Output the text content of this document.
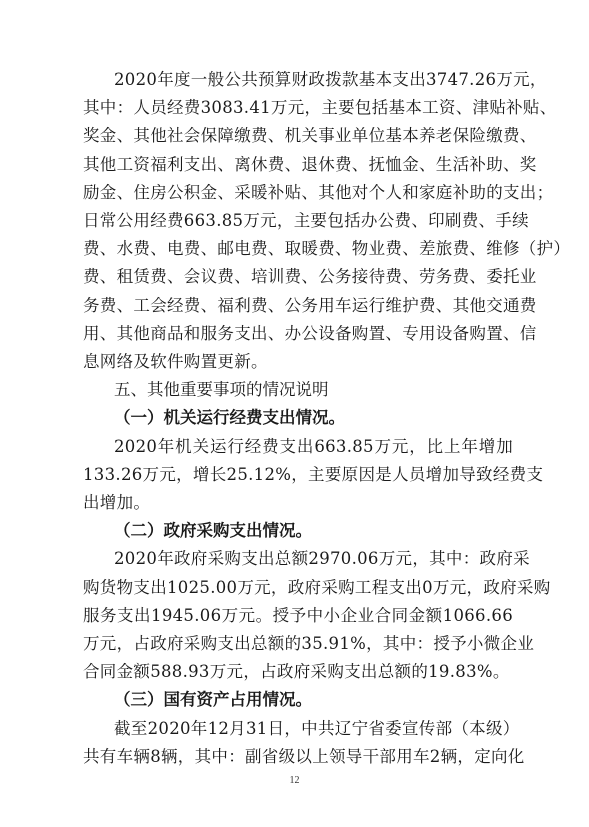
2020年度一般公共预算财政拨款基本支出3747.26万元，
其中：人员经费3083.41万元，主要包括基本工资、津贴补贴、
奖金、其他社会保障缴费、机关事业单位基本养老保险缴费、
其他工资福利支出、离休费、退休费、抚恤金、生活补助、奖
励金、住房公积金、采暖补贴、其他对个人和家庭补助的支出；
日常公用经费663.85万元，主要包括办公费、印刷费、手续
费、水费、电费、邮电费、取暖费、物业费、差旅费、维修（护）
费、租赁费、会议费、培训费、公务接待费、劳务费、委托业
务费、工会经费、福利费、公务用车运行维护费、其他交通费
用、其他商品和服务支出、办公设备购置、专用设备购置、信
息网络及软件购置更新。
五、其他重要事项的情况说明
（一）机关运行经费支出情况。
2020年机关运行经费支出663.85万元，比上年增加
133.26万元，增长25.12%，主要原因是人员增加导致经费支
出增加。
（二）政府采购支出情况。
2020年政府采购支出总额2970.06万元，其中：政府采
购货物支出1025.00万元，政府采购工程支出0万元，政府采购
服务支出1945.06万元。授予中小企业合同金额1066.66
万元，占政府采购支出总额的35.91%，其中：授予小微企业
合同金额588.93万元，占政府采购支出总额的19.83%。
（三）国有资产占用情况。
截至2020年12月31日，中共辽宁省委宣传部（本级）
共有车辆8辆，其中：副省级以上领导干部用车2辆，定向化
12
